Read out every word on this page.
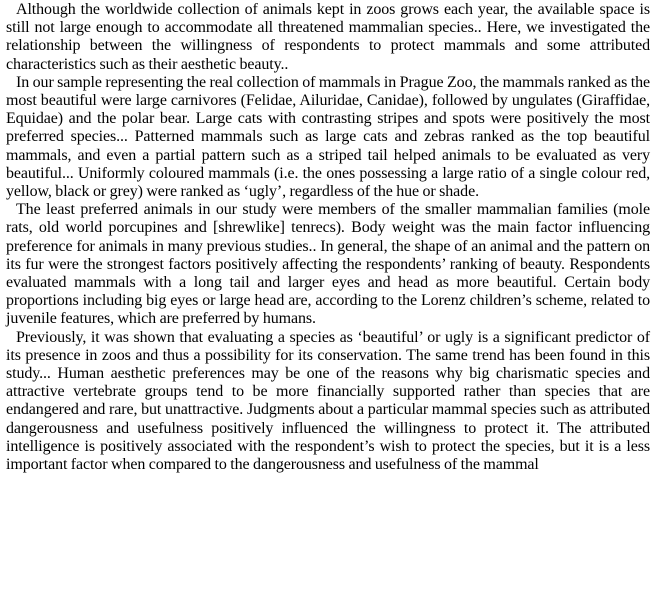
Although the worldwide collection of animals kept in zoos grows each year, the available space is still not large enough to accommodate all threatened mammalian species.. Here, we investigated the relationship between the willingness of respondents to protect mammals and some attributed characteristics such as their aesthetic beauty..

In our sample representing the real collection of mammals in Prague Zoo, the mammals ranked as the most beautiful were large carnivores (Felidae, Ailuridae, Canidae), followed by ungulates (Giraffidae, Equidae) and the polar bear. Large cats with contrasting stripes and spots were positively the most preferred species... Patterned mammals such as large cats and zebras ranked as the top beautiful mammals, and even a partial pattern such as a striped tail helped animals to be evaluated as very beautiful... Uniformly coloured mammals (i.e. the ones possessing a large ratio of a single colour red, yellow, black or grey) were ranked as ‘ugly’, regardless of the hue or shade.

The least preferred animals in our study were members of the smaller mammalian families (mole rats, old world porcupines and [shrewlike] tenrecs). Body weight was the main factor influencing preference for animals in many previous studies.. In general, the shape of an animal and the pattern on its fur were the strongest factors positively affecting the respondents’ ranking of beauty. Respondents evaluated mammals with a long tail and larger eyes and head as more beautiful. Certain body proportions including big eyes or large head are, according to the Lorenz children’s scheme, related to juvenile features, which are preferred by humans.

Previously, it was shown that evaluating a species as ‘beautiful’ or ugly is a significant predictor of its presence in zoos and thus a possibility for its conservation. The same trend has been found in this study... Human aesthetic preferences may be one of the reasons why big charismatic species and attractive vertebrate groups tend to be more financially supported rather than species that are endangered and rare, but unattractive. Judgments about a particular mammal species such as attributed dangerousness and usefulness positively influenced the willingness to protect it. The attributed intelligence is positively associated with the respondent’s wish to protect the species, but it is a less important factor when compared to the dangerousness and usefulness of the mammal
